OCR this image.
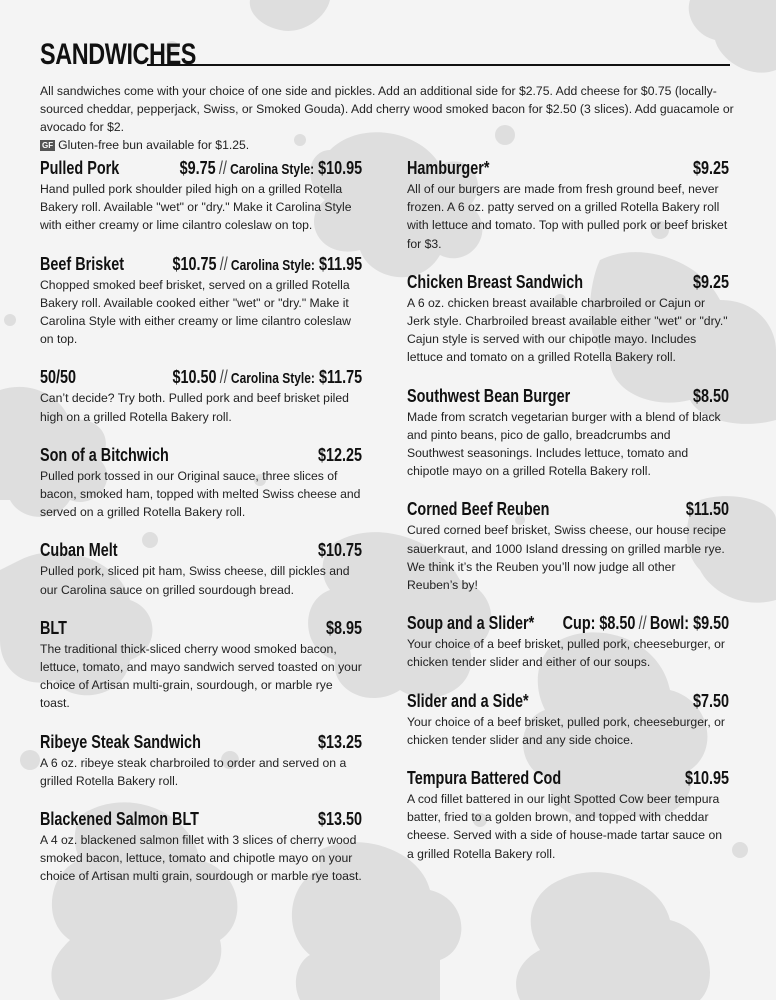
SANDWICHES
All sandwiches come with your choice of one side and pickles. Add an additional side for $2.75. Add cheese for $0.75 (locally-sourced cheddar, pepperjack, Swiss, or Smoked Gouda). Add cherry wood smoked bacon for $2.50 (3 slices). Add guacamole or avocado for $2.
GF Gluten-free bun available for $1.25.
Pulled Pork	$9.75 // Carolina Style: $10.95
Hand pulled pork shoulder piled high on a grilled Rotella Bakery roll. Available "wet" or "dry." Make it Carolina Style with either creamy or lime cilantro coleslaw on top.
Beef Brisket	$10.75 // Carolina Style: $11.95
Chopped smoked beef brisket, served on a grilled Rotella Bakery roll. Available cooked either "wet" or "dry." Make it Carolina Style with either creamy or lime cilantro coleslaw on top.
50/50	$10.50 // Carolina Style: $11.75
Can’t decide? Try both. Pulled pork and beef brisket piled high on a grilled Rotella Bakery roll.
Son of a Bitchwich	$12.25
Pulled pork tossed in our Original sauce, three slices of bacon, smoked ham, topped with melted Swiss cheese and served on a grilled Rotella Bakery roll.
Cuban Melt	$10.75
Pulled pork, sliced pit ham, Swiss cheese, dill pickles and our Carolina sauce on grilled sourdough bread.
BLT	$8.95
The traditional thick-sliced cherry wood smoked bacon, lettuce, tomato, and mayo sandwich served toasted on your choice of Artisan multi-grain, sourdough, or marble rye toast.
Ribeye Steak Sandwich	$13.25
A 6 oz. ribeye steak charbroiled to order and served on a grilled Rotella Bakery roll.
Blackened Salmon BLT	$13.50
A 4 oz. blackened salmon fillet with 3 slices of cherry wood smoked bacon, lettuce, tomato and chipotle mayo on your choice of Artisan multi grain, sourdough or marble rye toast.
Hamburger*	$9.25
All of our burgers are made from fresh ground beef, never frozen. A 6 oz. patty served on a grilled Rotella Bakery roll with lettuce and tomato. Top with pulled pork or beef brisket for $3.
Chicken Breast Sandwich	$9.25
A 6 oz. chicken breast available charbroiled or Cajun or Jerk style. Charbroiled breast available either "wet" or "dry." Cajun style is served with our chipotle mayo. Includes lettuce and tomato on a grilled Rotella Bakery roll.
Southwest Bean Burger	$8.50
Made from scratch vegetarian burger with a blend of black and pinto beans, pico de gallo, breadcrumbs and Southwest seasonings. Includes lettuce, tomato and chipotle mayo on a grilled Rotella Bakery roll.
Corned Beef Reuben	$11.50
Cured corned beef brisket, Swiss cheese, our house recipe sauerkraut, and 1000 Island dressing on grilled marble rye. We think it’s the Reuben you’ll now judge all other Reuben’s by!
Soup and a Slider* Cup: $8.50 // Bowl: $9.50
Your choice of a beef brisket, pulled pork, cheeseburger, or chicken tender slider and either of our soups.
Slider and a Side*	$7.50
Your choice of a beef brisket, pulled pork, cheeseburger, or chicken tender slider and any side choice.
Tempura Battered Cod	$10.95
A cod fillet battered in our light Spotted Cow beer tempura batter, fried to a golden brown, and topped with cheddar cheese. Served with a side of house-made tartar sauce on a grilled Rotella Bakery roll.
